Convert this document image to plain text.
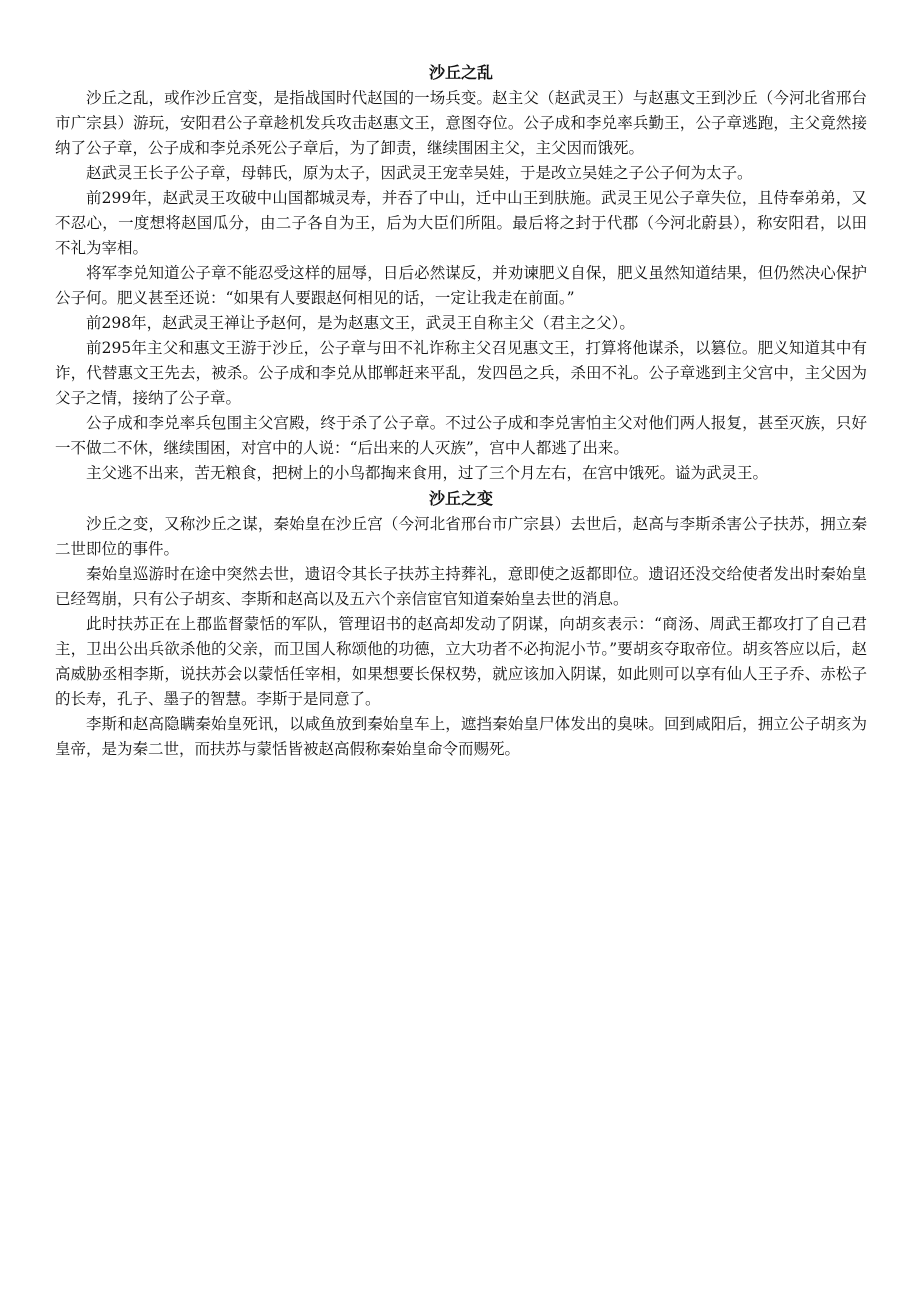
沙丘之乱

沙丘之乱，或作沙丘宫变，是指战国时代赵国的一场兵变。赵主父（赵武灵王）与赵惠文王到沙丘（今河北省邢台市广宗县）游玩，安阳君公子章趁机发兵攻击赵惠文王，意图夺位。公子成和李兑率兵勤王，公子章逃跑，主父竟然接纳了公子章，公子成和李兑杀死公子章后，为了卸责，继续围困主父，主父因而饿死。

赵武灵王长子公子章，母韩氏，原为太子，因武灵王宠幸吴娃，于是改立吴娃之子公子何为太子。

前299年，赵武灵王攻破中山国都城灵寿，并吞了中山，迁中山王到肤施。武灵王见公子章失位，且侍奉弟弟，又不忍心，一度想将赵国瓜分，由二子各自为王，后为大臣们所阻。最后将之封于代郡（今河北蔚县），称安阳君，以田不礼为宰相。

将军李兑知道公子章不能忍受这样的屈辱，日后必然谋反，并劝谏肥义自保，肥义虽然知道结果，但仍然决心保护公子何。肥义甚至还说：“如果有人要跟赵何相见的话，一定让我走在前面。”

前298年，赵武灵王禅让予赵何，是为赵惠文王，武灵王自称主父（君主之父）。

前295年主父和惠文王游于沙丘，公子章与田不礼诈称主父召见惠文王，打算将他谋杀，以篡位。肥义知道其中有诈，代替惠文王先去，被杀。公子成和李兑从邯郸赶来平乱，发四邑之兵，杀田不礼。公子章逃到主父宫中，主父因为父子之情，接纳了公子章。

公子成和李兑率兵包围主父宫殿，终于杀了公子章。不过公子成和李兑害怕主父对他们两人报复，甚至灭族，只好一不做二不休，继续围困，对宫中的人说：“后出来的人灭族”，宫中人都逃了出来。

主父逃不出来，苦无粮食，把树上的小鸟都掏来食用，过了三个月左右，在宫中饿死。谥为武灵王。

沙丘之变

沙丘之变，又称沙丘之谋，秦始皇在沙丘宫（今河北省邢台市广宗县）去世后，赵高与李斯杀害公子扶苏，拥立秦二世即位的事件。

秦始皇巡游时在途中突然去世，遗诏令其长子扶苏主持葬礼，意即使之返都即位。遗诏还没交给使者发出时秦始皇已经驾崩，只有公子胡亥、李斯和赵高以及五六个亲信宦官知道秦始皇去世的消息。

此时扶苏正在上郡监督蒙恬的军队，管理诏书的赵高却发动了阴谋，向胡亥表示：“商汤、周武王都攻打了自己君主，卫出公出兵欲杀他的父亲，而卫国人称颂他的功德，立大功者不必拘泥小节。”要胡亥夺取帝位。胡亥答应以后，赵高威胁丞相李斯，说扶苏会以蒙恬任宰相，如果想要长保权势，就应该加入阴谋，如此则可以享有仙人王子乔、赤松子的长寿，孔子、墨子的智慧。李斯于是同意了。

李斯和赵高隐瞒秦始皇死讯，以咸鱼放到秦始皇车上，遮挡秦始皇尸体发出的臭味。回到咸阳后，拥立公子胡亥为皇帝，是为秦二世，而扶苏与蒙恬皆被赵高假称秦始皇命令而赐死。
